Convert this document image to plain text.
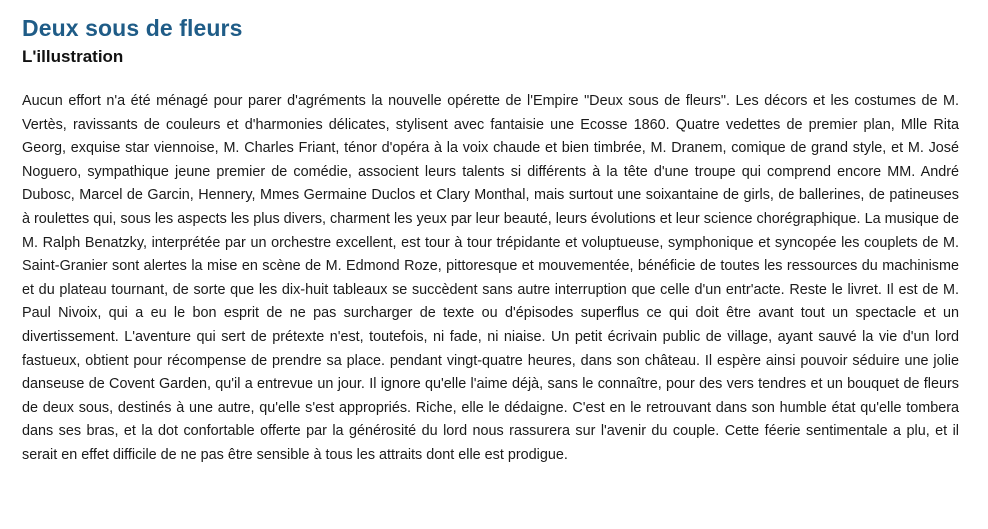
Deux sous de fleurs
L'illustration

Aucun effort n'a été ménagé pour parer d'agréments la nouvelle opérette de l'Empire "Deux sous de fleurs". Les décors et les costumes de M. Vertès, ravissants de couleurs et d'harmonies délicates, stylisent avec fantaisie une Ecosse 1860. Quatre vedettes de premier plan, Mlle Rita Georg, exquise star viennoise, M. Charles Friant, ténor d'opéra à la voix chaude et bien timbrée, M. Dranem, comique de grand style, et M. José Noguero, sympathique jeune premier de comédie, associent leurs talents si différents à la tête d'une troupe qui comprend encore MM. André Dubosc, Marcel de Garcin, Hennery, Mmes Germaine Duclos et Clary Monthal, mais surtout une soixantaine de girls, de ballerines, de patineuses à roulettes qui, sous les aspects les plus divers, charment les yeux par leur beauté, leurs évolutions et leur science chorégraphique. La musique de M. Ralph Benatzky, interprétée par un orchestre excellent, est tour à tour trépidante et voluptueuse, symphonique et syncopée les couplets de M. Saint-Granier sont alertes la mise en scène de M. Edmond Roze, pittoresque et mouvementée, bénéficie de toutes les ressources du machinisme et du plateau tournant, de sorte que les dix-huit tableaux se succèdent sans autre interruption que celle d'un entr'acte. Reste le livret. Il est de M. Paul Nivoix, qui a eu le bon esprit de ne pas surcharger de texte ou d'épisodes superflus ce qui doit être avant tout un spectacle et un divertissement. L'aventure qui sert de prétexte n'est, toutefois, ni fade, ni niaise. Un petit écrivain public de village, ayant sauvé la vie d'un lord fastueux, obtient pour récompense de prendre sa place. pendant vingt-quatre heures, dans son château. Il espère ainsi pouvoir séduire une jolie danseuse de Covent Garden, qu'il a entrevue un jour. Il ignore qu'elle l'aime déjà, sans le connaître, pour des vers tendres et un bouquet de fleurs de deux sous, destinés à une autre, qu'elle s'est appropriés. Riche, elle le dédaigne. C'est en le retrouvant dans son humble état qu'elle tombera dans ses bras, et la dot confortable offerte par la générosité du lord nous rassurera sur l'avenir du couple. Cette féerie sentimentale a plu, et il serait en effet difficile de ne pas être sensible à tous les attraits dont elle est prodigue.
